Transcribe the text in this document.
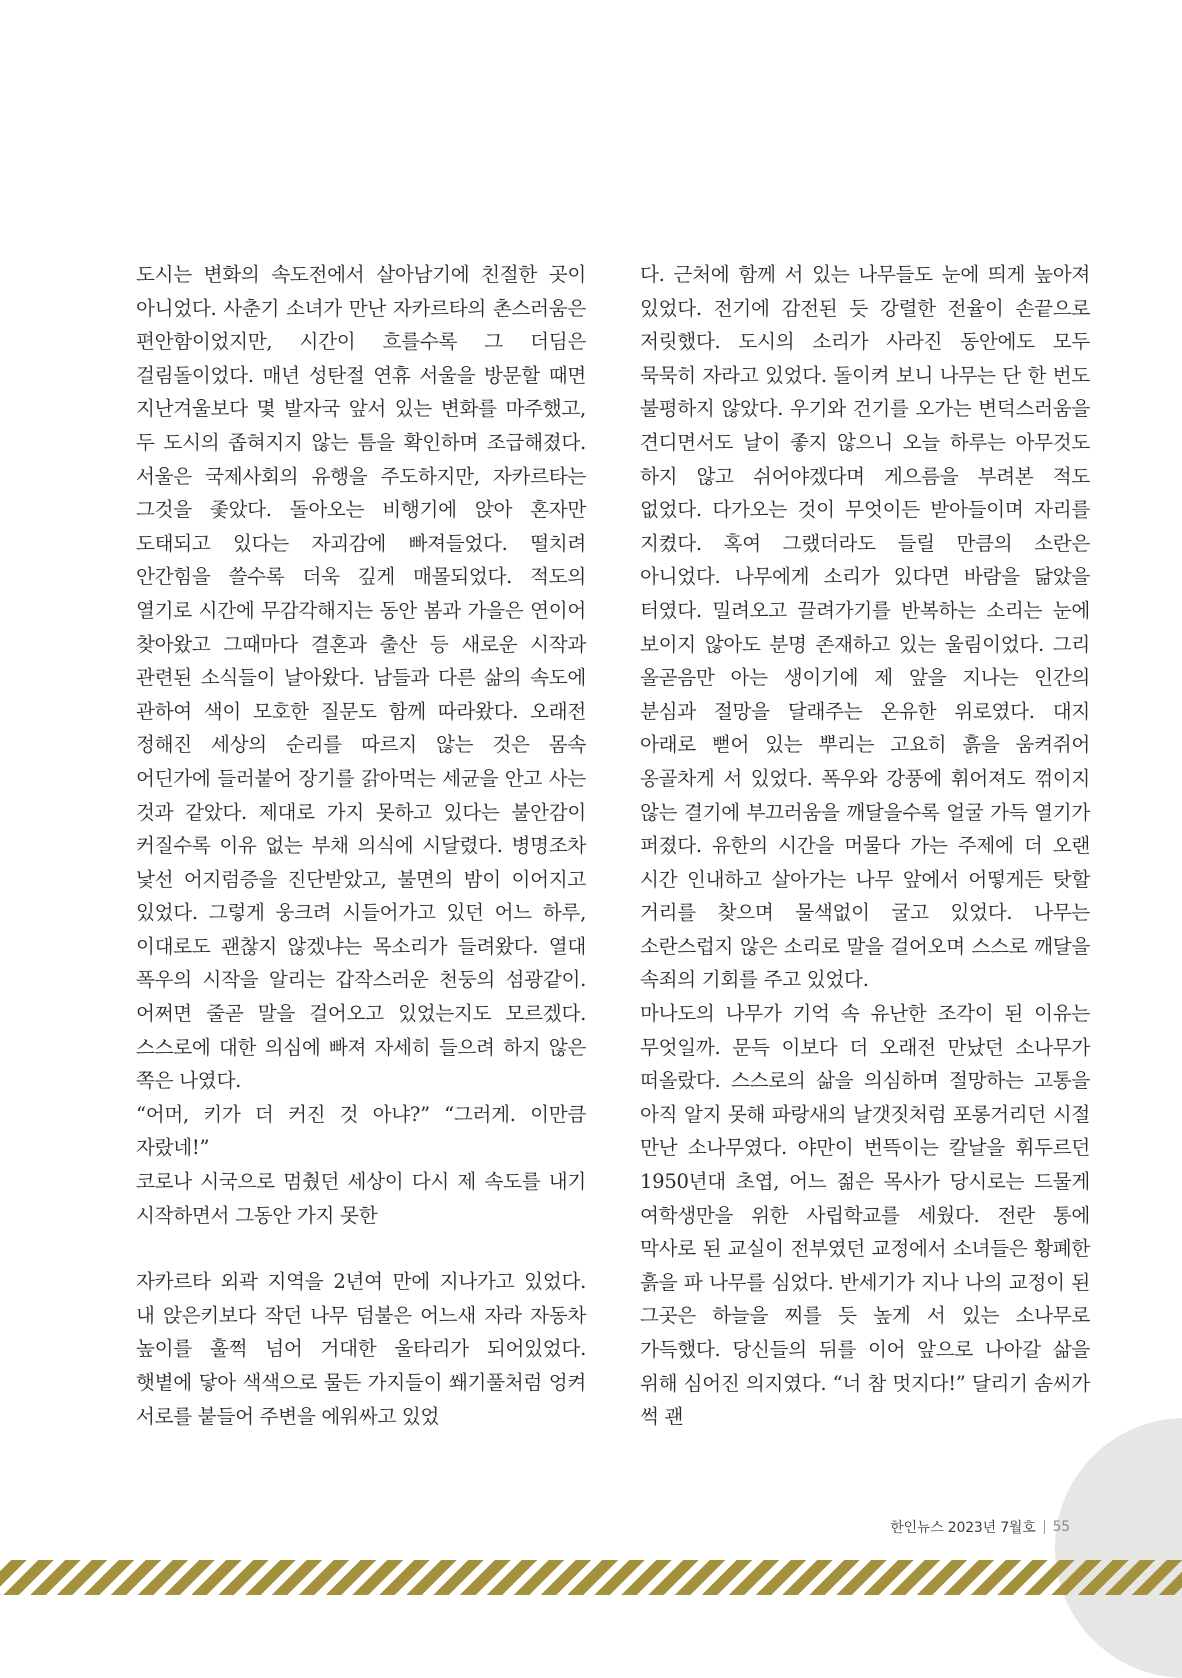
도시는 변화의 속도전에서 살아남기에 친절한 곳이 아니었다. 사춘기 소녀가 만난 자카르타의 촌스러움은 편안함이었지만, 시간이 흐를수록 그 더딤은 걸림돌이었다. 매년 성탄절 연휴 서울을 방문할 때면 지난겨울보다 몇 발자국 앞서 있는 변화를 마주했고, 두 도시의 좁혀지지 않는 틈을 확인하며 조급해졌다. 서울은 국제사회의 유행을 주도하지만, 자카르타는 그것을 좇았다. 돌아오는 비행기에 앉아 혼자만 도태되고 있다는 자괴감에 빠져들었다. 떨치려 안간힘을 쓸수록 더욱 깊게 매몰되었다. 적도의 열기로 시간에 무감각해지는 동안 봄과 가을은 연이어 찾아왔고 그때마다 결혼과 출산 등 새로운 시작과 관련된 소식들이 날아왔다. 남들과 다른 삶의 속도에 관하여 색이 모호한 질문도 함께 따라왔다. 오래전 정해진 세상의 순리를 따르지 않는 것은 몸속 어딘가에 들러붙어 장기를 갉아먹는 세균을 안고 사는 것과 같았다. 제대로 가지 못하고 있다는 불안감이 커질수록 이유 없는 부채 의식에 시달렸다. 병명조차 낯선 어지럼증을 진단받았고, 불면의 밤이 이어지고 있었다. 그렇게 웅크려 시들어가고 있던 어느 하루, 이대로도 괜찮지 않겠냐는 목소리가 들려왔다. 열대 폭우의 시작을 알리는 갑작스러운 천둥의 섬광같이. 어쩌면 줄곧 말을 걸어오고 있었는지도 모르겠다. 스스로에 대한 의심에 빠져 자세히 들으려 하지 않은 쪽은 나였다.

“어머, 키가 더 커진 것 아냐?” “그러게. 이만큼 자랐네!”

코로나 시국으로 멈췄던 세상이 다시 제 속도를 내기 시작하면서 그동안 가지 못한

자카르타 외곽 지역을 2년여 만에 지나가고 있었다. 내 앉은키보다 작던 나무 덤불은 어느새 자라 자동차 높이를 훌쩍 넘어 거대한 울타리가 되어있었다. 햇볕에 닿아 색색으로 물든 가지들이 쐐기풀처럼 엉켜 서로를 붙들어 주변을 에워싸고 있었

다. 근처에 함께 서 있는 나무들도 눈에 띄게 높아져 있었다. 전기에 감전된 듯 강렬한 전율이 손끝으로 저릿했다. 도시의 소리가 사라진 동안에도 모두 묵묵히 자라고 있었다. 돌이켜 보니 나무는 단 한 번도 불평하지 않았다. 우기와 건기를 오가는 변덕스러움을 견디면서도 날이 좋지 않으니 오늘 하루는 아무것도 하지 않고 쉬어야겠다며 게으름을 부려본 적도 없었다. 다가오는 것이 무엇이든 받아들이며 자리를 지켰다. 혹여 그랬더라도 들릴 만큼의 소란은 아니었다. 나무에게 소리가 있다면 바람을 닮았을 터였다. 밀려오고 끌려가기를 반복하는 소리는 눈에 보이지 않아도 분명 존재하고 있는 울림이었다. 그리 올곧음만 아는 생이기에 제 앞을 지나는 인간의 분심과 절망을 달래주는 온유한 위로였다. 대지 아래로 뻗어 있는 뿌리는 고요히 흙을 움켜쥐어 옹골차게 서 있었다. 폭우와 강풍에 휘어져도 꺾이지 않는 결기에 부끄러움을 깨달을수록 얼굴 가득 열기가 퍼졌다. 유한의 시간을 머물다 가는 주제에 더 오랜 시간 인내하고 살아가는 나무 앞에서 어떻게든 탓할 거리를 찾으며 물색없이 굴고 있었다. 나무는 소란스럽지 않은 소리로 말을 걸어오며 스스로 깨달을 속죄의 기회를 주고 있었다.

마나도의 나무가 기억 속 유난한 조각이 된 이유는 무엇일까. 문득 이보다 더 오래전 만났던 소나무가 떠올랐다. 스스로의 삶을 의심하며 절망하는 고통을 아직 알지 못해 파랑새의 날갯짓처럼 포롱거리던 시절 만난 소나무였다. 야만이 번뜩이는 칼날을 휘두르던 1950년대 초엽, 어느 젊은 목사가 당시로는 드물게 여학생만을 위한 사립학교를 세웠다. 전란 통에 막사로 된 교실이 전부였던 교정에서 소녀들은 황폐한 흙을 파 나무를 심었다. 반세기가 지나 나의 교정이 된 그곳은 하늘을 찌를 듯 높게 서 있는 소나무로 가득했다. 당신들의 뒤를 이어 앞으로 나아갈 삶을 위해 심어진 의지였다. “너 참 멋지다!” 달리기 솜씨가 썩 괜

한인뉴스 2023년 7월호 55
